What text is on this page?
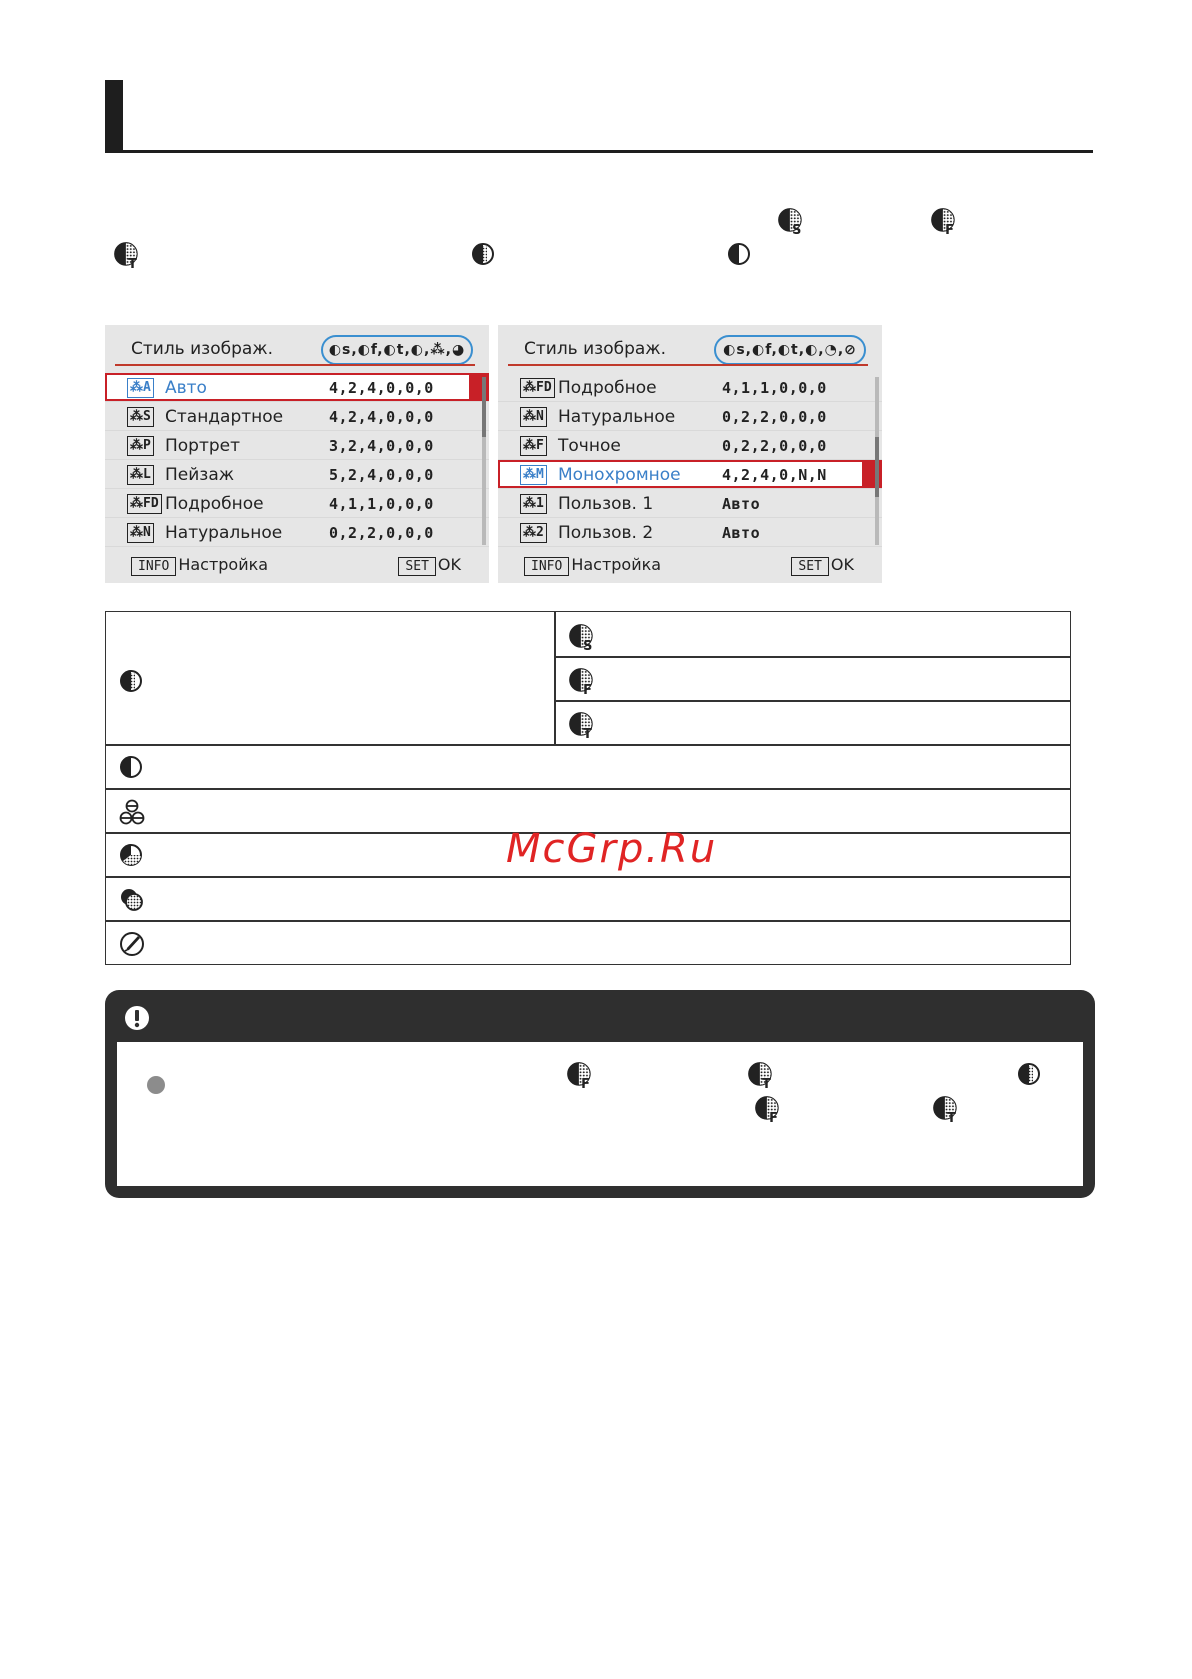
S	F
T
Стиль изображ.	◐s,◐f,◐t,◐,⁂,◕
⁂A Авто	4,2,4,0,0,0
⁂S Стандартное	4,2,4,0,0,0
⁂P Портрет	3,2,4,0,0,0
⁂L Пейзаж	5,2,4,0,0,0
⁂FD Подробное	4,1,1,0,0,0
⁂N Натуральное	0,2,2,0,0,0
INFO Настройка	SET OK
Стиль изображ.	◐s,◐f,◐t,◐,◔,⊘
⁂FD Подробное	4,1,1,0,0,0
⁂N Натуральное	0,2,2,0,0,0
⁂F Точное	0,2,2,0,0,0
⁂M Монохромное	4,2,4,0,N,N
⁂1 Пользов. 1	Авто
⁂2 Пользов. 2	Авто
INFO Настройка	SET OK
S
F
T
McGrp.Ru
F	T
F	T
